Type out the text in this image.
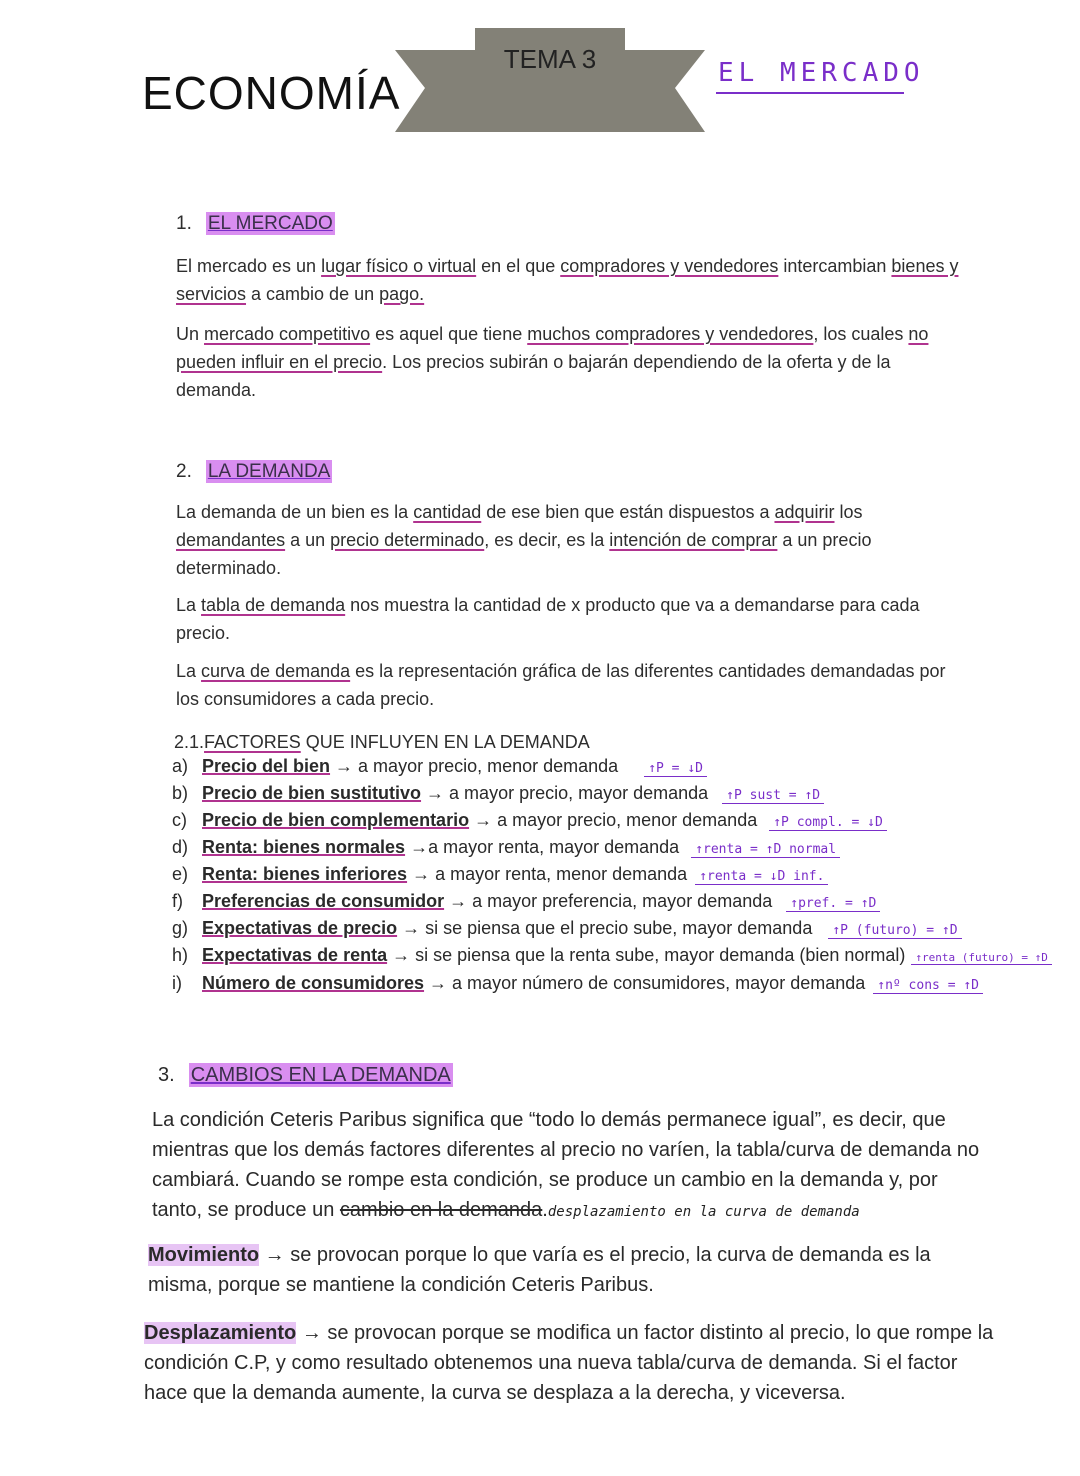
ECONOMÍA
TEMA 3	EL MERCADO
1. EL MERCADO
El mercado es un lugar físico o virtual en el que compradores y vendedores intercambian bienes y servicios a cambio de un pago.
Un mercado competitivo es aquel que tiene muchos compradores y vendedores, los cuales no pueden influir en el precio. Los precios subirán o bajarán dependiendo de la oferta y de la demanda.
2. LA DEMANDA
La demanda de un bien es la cantidad de ese bien que están dispuestos a adquirir los demandantes a un precio determinado, es decir, es la intención de comprar a un precio determinado.
La tabla de demanda nos muestra la cantidad de x producto que va a demandarse para cada precio.
La curva de demanda es la representación gráfica de las diferentes cantidades demandadas por los consumidores a cada precio.
2.1.FACTORES QUE INFLUYEN EN LA DEMANDA
a) Precio del bien → a mayor precio, menor demanda ↑P = ↓D
b) Precio de bien sustitutivo → a mayor precio, mayor demanda ↑P sust = ↑D
c) Precio de bien complementario → a mayor precio, menor demanda ↑P compl. = ↓D
d) Renta: bienes normales →a mayor renta, mayor demanda ↑renta = ↑D normal
e) Renta: bienes inferiores → a mayor renta, menor demanda ↑renta = ↓D inf.
f) Preferencias de consumidor → a mayor preferencia, mayor demanda ↑pref. = ↑D
g) Expectativas de precio → si se piensa que el precio sube, mayor demanda ↑P (futuro) = ↑D
h) Expectativas de renta → si se piensa que la renta sube, mayor demanda (bien normal) ↑renta (futuro) = ↑D
i) Número de consumidores → a mayor número de consumidores, mayor demanda ↑nº cons = ↑D
3. CAMBIOS EN LA DEMANDA
La condición Ceteris Paribus significa que “todo lo demás permanece igual”, es decir, que mientras que los demás factores diferentes al precio no varíen, la tabla/curva de demanda no cambiará. Cuando se rompe esta condición, se produce un cambio en la demanda y, por tanto, se produce un cambio en la demanda.desplazamiento en la curva de demanda
Movimiento → se provocan porque lo que varía es el precio, la curva de demanda es la misma, porque se mantiene la condición Ceteris Paribus.
Desplazamiento → se provocan porque se modifica un factor distinto al precio, lo que rompe la condición C.P, y como resultado obtenemos una nueva tabla/curva de demanda. Si el factor hace que la demanda aumente, la curva se desplaza a la derecha, y viceversa.
